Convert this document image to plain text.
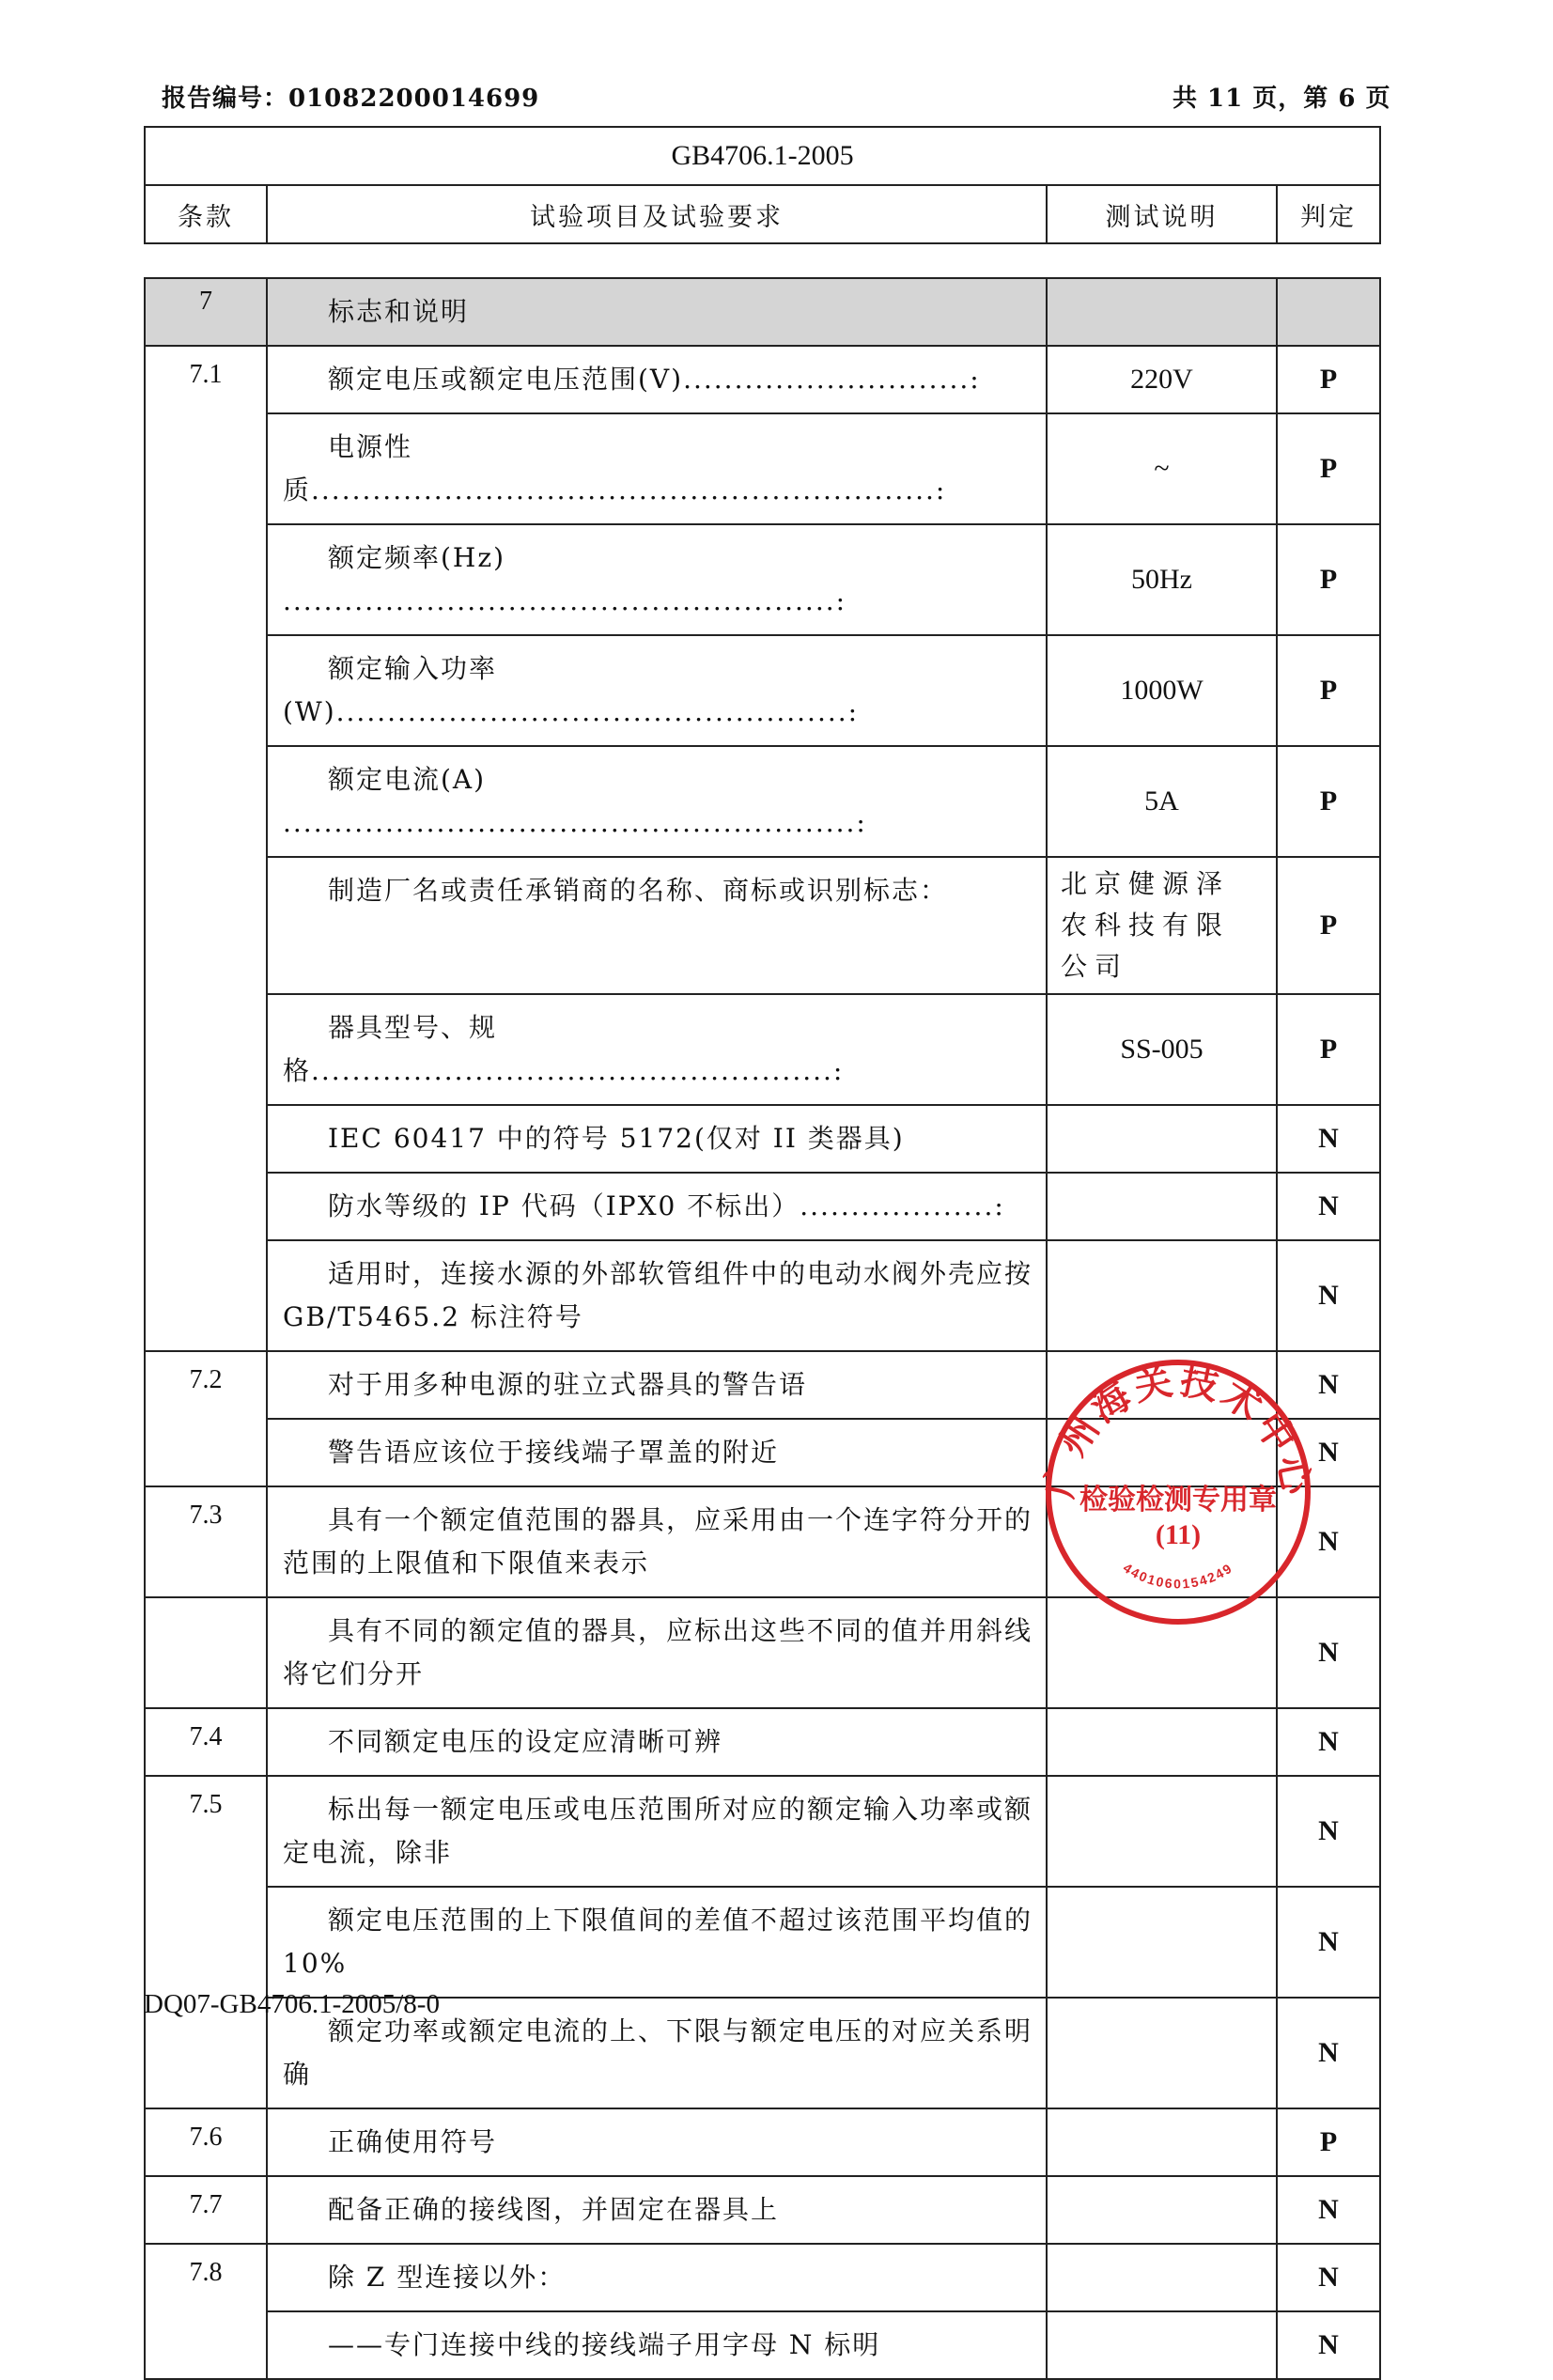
报告编号：01082200014699	共 11 页，第 6 页
GB4706.1-2005
条款	试验项目及试验要求	测试说明	判定
7	标志和说明		
7.1	额定电压或额定电压范围(V)............................:	220V	P
	电源性质.............................................................:	~	P
	额定频率(Hz) ......................................................:	50Hz	P
	额定输入功率(W)..................................................:	1000W	P
	额定电流(A) ........................................................:	5A	P
	制造厂名或责任承销商的名称、商标或识别标志：	北京健源泽农科技有限公司	P
	器具型号、规格...................................................:	SS-005	P
	IEC 60417 中的符号 5172(仅对 II 类器具)		N
	防水等级的 IP 代码（IPX0 不标出）...................:		N
	适用时，连接水源的外部软管组件中的电动水阀外壳应按 GB/T5465.2 标注符号		N
7.2	对于用多种电源的驻立式器具的警告语		N
	警告语应该位于接线端子罩盖的附近		N
7.3	具有一个额定值范围的器具，应采用由一个连字符分开的范围的上限值和下限值来表示		N
	具有不同的额定值的器具，应标出这些不同的值并用斜线将它们分开		N
7.4	不同额定电压的设定应清晰可辨		N
7.5	标出每一额定电压或电压范围所对应的额定输入功率或额定电流，除非		N
	额定电压范围的上下限值间的差值不超过该范围平均值的10%		N
	额定功率或额定电流的上、下限与额定电压的对应关系明确		N
7.6	正确使用符号		P
7.7	配备正确的接线图，并固定在器具上		N
7.8	除 Z 型连接以外：		N
	——专门连接中线的接线端子用字母 N 标明		N
广州海关技术中心
检验检测专用章
(11)
4401060154249
DQ07-GB4706.1-2005/8-0
